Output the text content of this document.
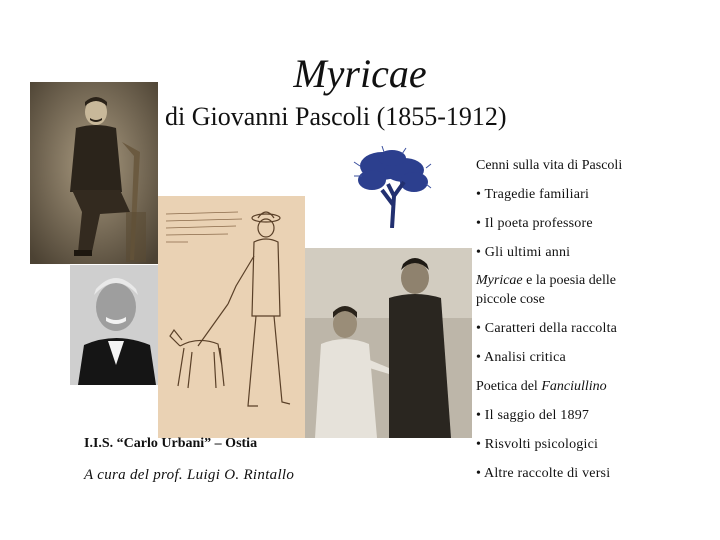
Myricae
di Giovanni Pascoli (1855-1912)
Cenni sulla vita di Pascoli
• Tragedie familiari
• Il poeta professore
• Gli ultimi anni
Myricae e la poesia delle
piccole cose
• Caratteri della raccolta
• Analisi critica
Poetica del Fanciullino
• Il saggio del 1897
• Risvolti psicologici
• Altre raccolte di versi
I.I.S. “Carlo Urbani” – Ostia
A cura del prof. Luigi O. Rintallo
